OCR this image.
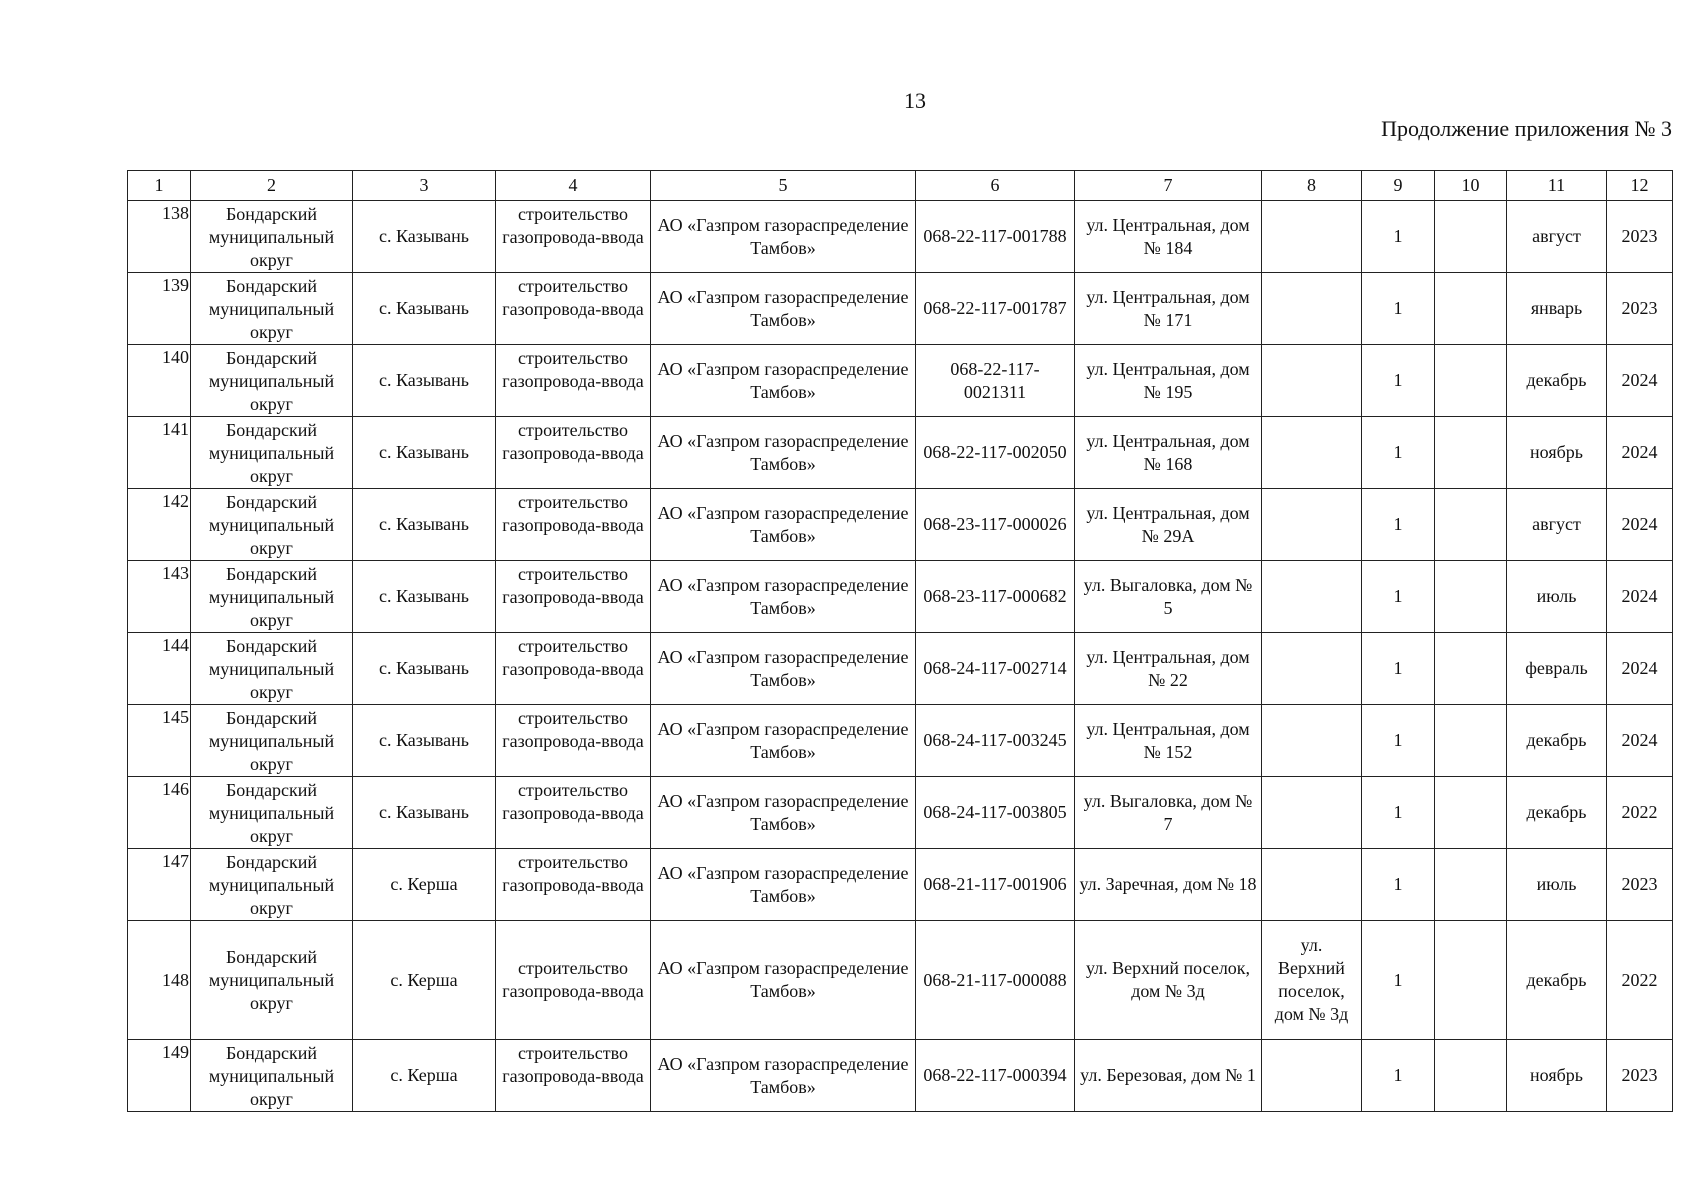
13
Продолжение приложения № 3
1	2	3	4	5	6	7	8	9	10	11	12
138	Бондарский муниципальный округ	с. Казывань	строительство газопровода-ввода	АО «Газпром газораспределение Тамбов»	068-22-117-001788	ул. Центральная, дом № 184		1		август	2023
139	Бондарский муниципальный округ	с. Казывань	строительство газопровода-ввода	АО «Газпром газораспределение Тамбов»	068-22-117-001787	ул. Центральная, дом № 171		1		январь	2023
140	Бондарский муниципальный округ	с. Казывань	строительство газопровода-ввода	АО «Газпром газораспределение Тамбов»	068-22-117-0021311	ул. Центральная, дом № 195		1		декабрь	2024
141	Бондарский муниципальный округ	с. Казывань	строительство газопровода-ввода	АО «Газпром газораспределение Тамбов»	068-22-117-002050	ул. Центральная, дом № 168		1		ноябрь	2024
142	Бондарский муниципальный округ	с. Казывань	строительство газопровода-ввода	АО «Газпром газораспределение Тамбов»	068-23-117-000026	ул. Центральная, дом № 29А		1		август	2024
143	Бондарский муниципальный округ	с. Казывань	строительство газопровода-ввода	АО «Газпром газораспределение Тамбов»	068-23-117-000682	ул. Выгаловка, дом № 5		1		июль	2024
144	Бондарский муниципальный округ	с. Казывань	строительство газопровода-ввода	АО «Газпром газораспределение Тамбов»	068-24-117-002714	ул. Центральная, дом № 22		1		февраль	2024
145	Бондарский муниципальный округ	с. Казывань	строительство газопровода-ввода	АО «Газпром газораспределение Тамбов»	068-24-117-003245	ул. Центральная, дом № 152		1		декабрь	2024
146	Бондарский муниципальный округ	с. Казывань	строительство газопровода-ввода	АО «Газпром газораспределение Тамбов»	068-24-117-003805	ул. Выгаловка, дом № 7		1		декабрь	2022
147	Бондарский муниципальный округ	с. Керша	строительство газопровода-ввода	АО «Газпром газораспределение Тамбов»	068-21-117-001906	ул. Заречная, дом № 18		1		июль	2023
148	Бондарский муниципальный округ	с. Керша	строительство газопровода-ввода	АО «Газпром газораспределение Тамбов»	068-21-117-000088	ул. Верхний поселок, дом № 3д	ул. Верхний поселок, дом № 3д	1		декабрь	2022
149	Бондарский муниципальный округ	с. Керша	строительство газопровода-ввода	АО «Газпром газораспределение Тамбов»	068-22-117-000394	ул. Березовая, дом № 1		1		ноябрь	2023
